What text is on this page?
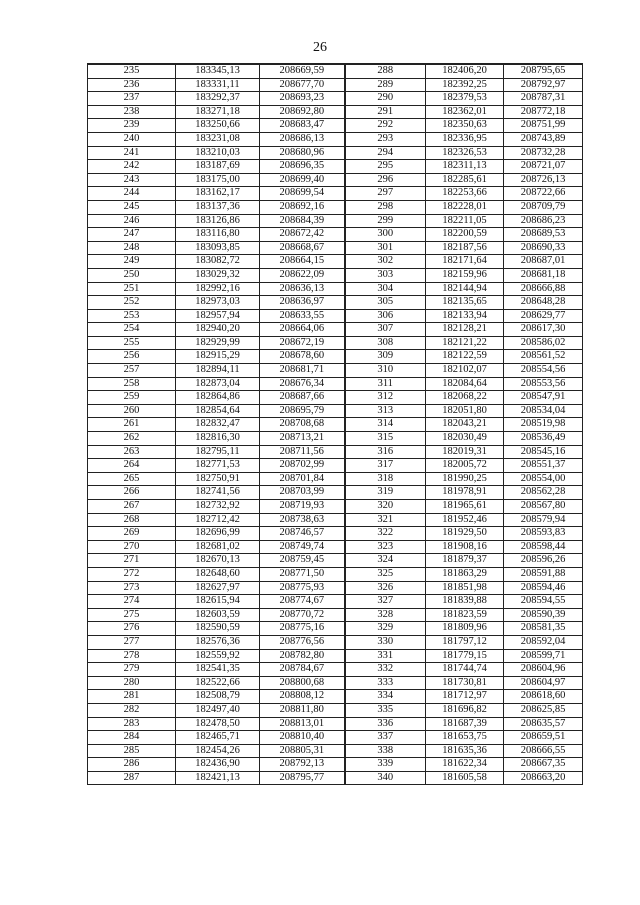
26
235	183345,13	208669,59	288	182406,20	208795,65
236	183331,11	208677,70	289	182392,25	208792,97
237	183292,37	208693,23	290	182379,53	208787,31
238	183271,18	208692,80	291	182362,01	208772,18
239	183250,66	208683,47	292	182350,63	208751,99
240	183231,08	208686,13	293	182336,95	208743,89
241	183210,03	208680,96	294	182326,53	208732,28
242	183187,69	208696,35	295	182311,13	208721,07
243	183175,00	208699,40	296	182285,61	208726,13
244	183162,17	208699,54	297	182253,66	208722,66
245	183137,36	208692,16	298	182228,01	208709,79
246	183126,86	208684,39	299	182211,05	208686,23
247	183116,80	208672,42	300	182200,59	208689,53
248	183093,85	208668,67	301	182187,56	208690,33
249	183082,72	208664,15	302	182171,64	208687,01
250	183029,32	208622,09	303	182159,96	208681,18
251	182992,16	208636,13	304	182144,94	208666,88
252	182973,03	208636,97	305	182135,65	208648,28
253	182957,94	208633,55	306	182133,94	208629,77
254	182940,20	208664,06	307	182128,21	208617,30
255	182929,99	208672,19	308	182121,22	208586,02
256	182915,29	208678,60	309	182122,59	208561,52
257	182894,11	208681,71	310	182102,07	208554,56
258	182873,04	208676,34	311	182084,64	208553,56
259	182864,86	208687,66	312	182068,22	208547,91
260	182854,64	208695,79	313	182051,80	208534,04
261	182832,47	208708,68	314	182043,21	208519,98
262	182816,30	208713,21	315	182030,49	208536,49
263	182795,11	208711,56	316	182019,31	208545,16
264	182771,53	208702,99	317	182005,72	208551,37
265	182750,91	208701,84	318	181990,25	208554,00
266	182741,56	208703,99	319	181978,91	208562,28
267	182732,92	208719,93	320	181965,61	208567,80
268	182712,42	208738,63	321	181952,46	208579,94
269	182696,99	208746,57	322	181929,50	208593,83
270	182681,02	208749,74	323	181908,16	208598,44
271	182670,13	208759,45	324	181879,37	208596,26
272	182648,60	208771,50	325	181863,29	208591,88
273	182627,97	208775,93	326	181851,98	208594,46
274	182615,94	208774,67	327	181839,88	208594,55
275	182603,59	208770,72	328	181823,59	208590,39
276	182590,59	208775,16	329	181809,96	208581,35
277	182576,36	208776,56	330	181797,12	208592,04
278	182559,92	208782,80	331	181779,15	208599,71
279	182541,35	208784,67	332	181744,74	208604,96
280	182522,66	208800,68	333	181730,81	208604,97
281	182508,79	208808,12	334	181712,97	208618,60
282	182497,40	208811,80	335	181696,82	208625,85
283	182478,50	208813,01	336	181687,39	208635,57
284	182465,71	208810,40	337	181653,75	208659,51
285	182454,26	208805,31	338	181635,36	208666,55
286	182436,90	208792,13	339	181622,34	208667,35
287	182421,13	208795,77	340	181605,58	208663,20
